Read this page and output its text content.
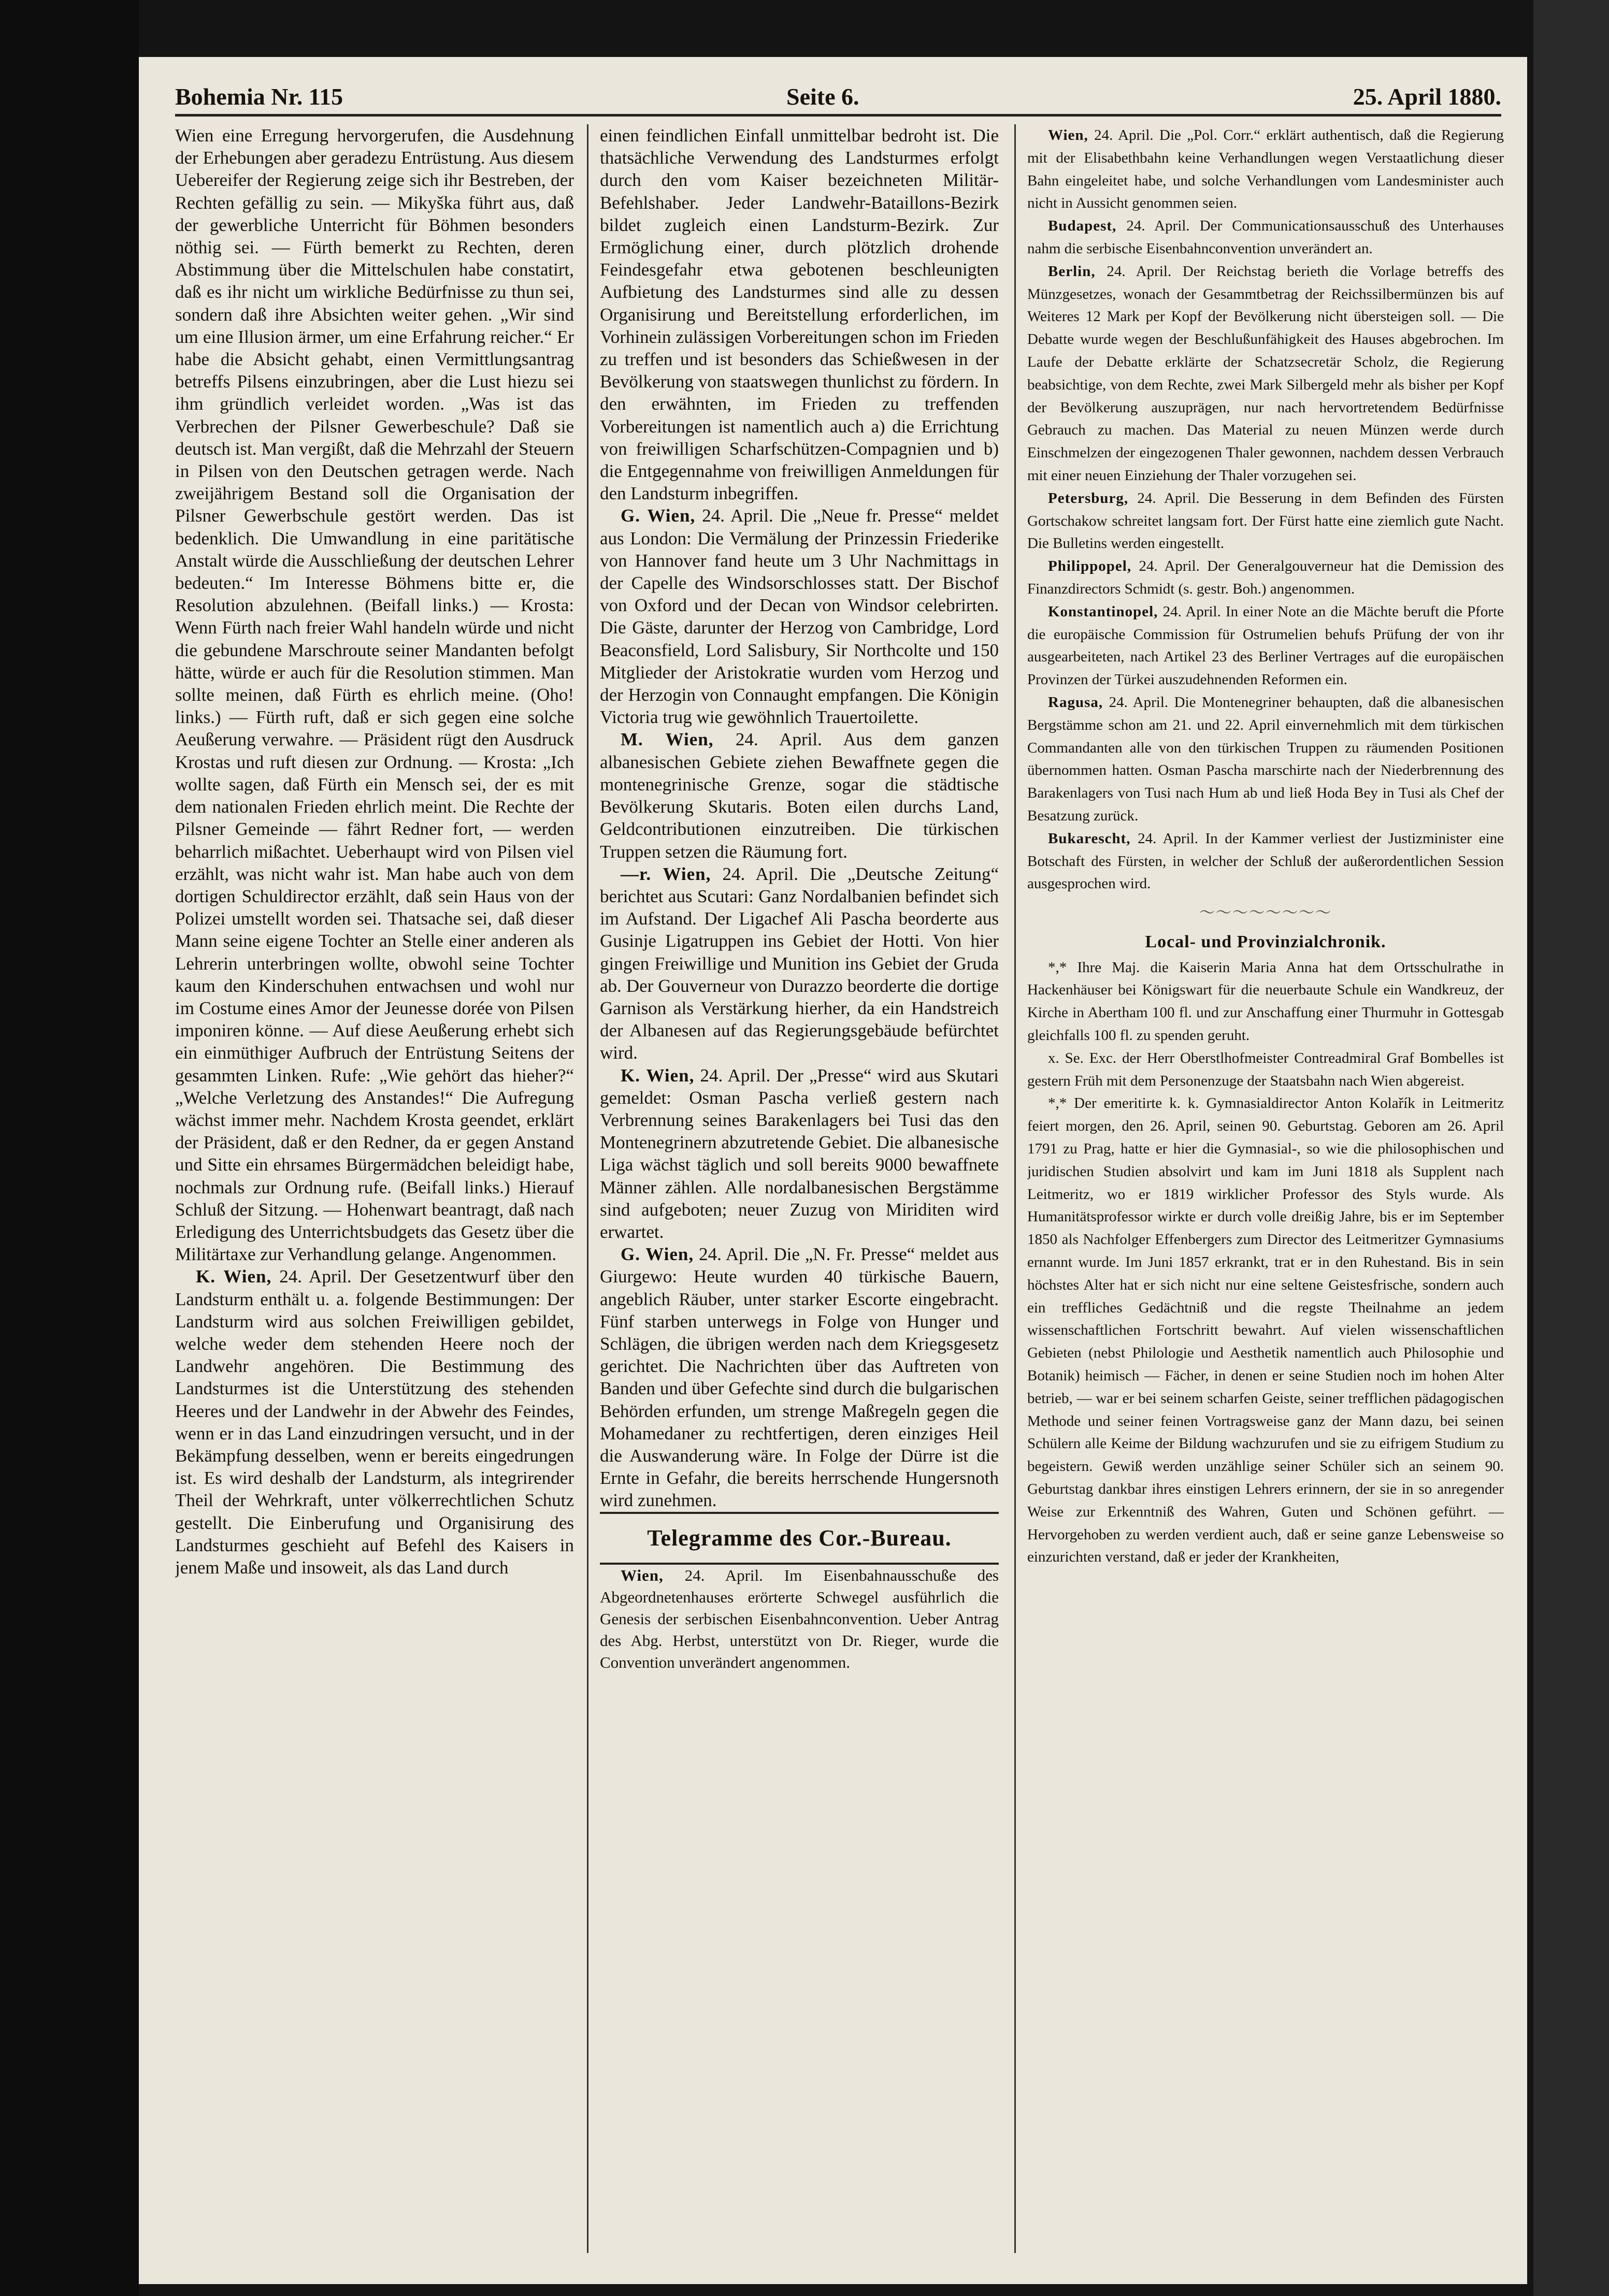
Bohemia Nr. 115	Seite 6.	25. April 1880.

Wien eine Erregung hervorgerufen, die Ausdehnung der Erhebungen aber geradezu Entrüstung. Aus diesem Uebereifer der Regierung zeige sich ihr Bestreben, der Rechten gefällig zu sein. — Mikyška führt aus, daß der gewerbliche Unterricht für Böhmen besonders nöthig sei. — Fürth bemerkt zu Rechten, deren Abstimmung über die Mittelschulen habe constatirt, daß es ihr nicht um wirkliche Bedürfnisse zu thun sei, sondern daß ihre Absichten weiter gehen. „Wir sind um eine Illusion ärmer, um eine Erfahrung reicher.“ Er habe die Absicht gehabt, einen Vermittlungsantrag betreffs Pilsens einzubringen, aber die Lust hiezu sei ihm gründlich verleidet worden. „Was ist das Verbrechen der Pilsner Gewerbeschule? Daß sie deutsch ist. Man vergißt, daß die Mehrzahl der Steuern in Pilsen von den Deutschen getragen werde. Nach zweijährigem Bestand soll die Organisation der Pilsner Gewerbschule gestört werden. Das ist bedenklich. Die Umwandlung in eine paritätische Anstalt würde die Ausschließung der deutschen Lehrer bedeuten.“ Im Interesse Böhmens bitte er, die Resolution abzulehnen. (Beifall links.) — Krosta: Wenn Fürth nach freier Wahl handeln würde und nicht die gebundene Marschroute seiner Mandanten befolgt hätte, würde er auch für die Resolution stimmen. Man sollte meinen, daß Fürth es ehrlich meine. (Oho! links.) — Fürth ruft, daß er sich gegen eine solche Aeußerung verwahre. — Präsident rügt den Ausdruck Krostas und ruft diesen zur Ordnung. — Krosta: „Ich wollte sagen, daß Fürth ein Mensch sei, der es mit dem nationalen Frieden ehrlich meint. Die Rechte der Pilsner Gemeinde — fährt Redner fort, — werden beharrlich mißachtet. Ueberhaupt wird von Pilsen viel erzählt, was nicht wahr ist. Man habe auch von dem dortigen Schuldirector erzählt, daß sein Haus von der Polizei umstellt worden sei. Thatsache sei, daß dieser Mann seine eigene Tochter an Stelle einer anderen als Lehrerin unterbringen wollte, obwohl seine Tochter kaum den Kinderschuhen entwachsen und wohl nur im Costume eines Amor der Jeunesse dorée von Pilsen imponiren könne. — Auf diese Aeußerung erhebt sich ein einmüthiger Aufbruch der Entrüstung Seitens der gesammten Linken. Rufe: „Wie gehört das hieher?“ „Welche Verletzung des Anstandes!“ Die Aufregung wächst immer mehr. Nachdem Krosta geendet, erklärt der Präsident, daß er den Redner, da er gegen Anstand und Sitte ein ehrsames Bürgermädchen beleidigt habe, nochmals zur Ordnung rufe. (Beifall links.) Hierauf Schluß der Sitzung. — Hohenwart beantragt, daß nach Erledigung des Unterrichtsbudgets das Gesetz über die Militärtaxe zur Verhandlung gelange. Angenommen.

K. Wien, 24. April. Der Gesetzentwurf über den Landsturm enthält u. a. folgende Bestimmungen: Der Landsturm wird aus solchen Freiwilligen gebildet, welche weder dem stehenden Heere noch der Landwehr angehören. Die Bestimmung des Landsturmes ist die Unterstützung des stehenden Heeres und der Landwehr in der Abwehr des Feindes, wenn er in das Land einzudringen versucht, und in der Bekämpfung desselben, wenn er bereits eingedrungen ist. Es wird deshalb der Landsturm, als integrirender Theil der Wehrkraft, unter völkerrechtlichen Schutz gestellt. Die Einberufung und Organisirung des Landsturmes geschieht auf Befehl des Kaisers in jenem Maße und insoweit, als das Land durch

einen feindlichen Einfall unmittelbar bedroht ist. Die thatsächliche Verwendung des Landsturmes erfolgt durch den vom Kaiser bezeichneten Militär-Befehlshaber. Jeder Landwehr-Bataillons-Bezirk bildet zugleich einen Landsturm-Bezirk. Zur Ermöglichung einer, durch plötzlich drohende Feindesgefahr etwa gebotenen beschleunigten Aufbietung des Landsturmes sind alle zu dessen Organisirung und Bereitstellung erforderlichen, im Vorhinein zulässigen Vorbereitungen schon im Frieden zu treffen und ist besonders das Schießwesen in der Bevölkerung von staatswegen thunlichst zu fördern. In den erwähnten, im Frieden zu treffenden Vorbereitungen ist namentlich auch a) die Errichtung von freiwilligen Scharfschützen-Compagnien und b) die Entgegennahme von freiwilligen Anmeldungen für den Landsturm inbegriffen.

G. Wien, 24. April. Die „Neue fr. Presse“ meldet aus London: Die Vermälung der Prinzessin Friederike von Hannover fand heute um 3 Uhr Nachmittags in der Capelle des Windsorschlosses statt. Der Bischof von Oxford und der Decan von Windsor celebrirten. Die Gäste, darunter der Herzog von Cambridge, Lord Beaconsfield, Lord Salisbury, Sir Northcolte und 150 Mitglieder der Aristokratie wurden vom Herzog und der Herzogin von Connaught empfangen. Die Königin Victoria trug wie gewöhnlich Trauertoilette.

M. Wien, 24. April. Aus dem ganzen albanesischen Gebiete ziehen Bewaffnete gegen die montenegrinische Grenze, sogar die städtische Bevölkerung Skutaris. Boten eilen durchs Land, Geldcontributionen einzutreiben. Die türkischen Truppen setzen die Räumung fort.

—r. Wien, 24. April. Die „Deutsche Zeitung“ berichtet aus Scutari: Ganz Nordalbanien befindet sich im Aufstand. Der Ligachef Ali Pascha beorderte aus Gusinje Ligatruppen ins Gebiet der Hotti. Von hier gingen Freiwillige und Munition ins Gebiet der Gruda ab. Der Gouverneur von Durazzo beorderte die dortige Garnison als Verstärkung hierher, da ein Handstreich der Albanesen auf das Regierungsgebäude befürchtet wird.

K. Wien, 24. April. Der „Presse“ wird aus Skutari gemeldet: Osman Pascha verließ gestern nach Verbrennung seines Barakenlagers bei Tusi das den Montenegrinern abzutretende Gebiet. Die albanesische Liga wächst täglich und soll bereits 9000 bewaffnete Männer zählen. Alle nordalbanesischen Bergstämme sind aufgeboten; neuer Zuzug von Miriditen wird erwartet.

G. Wien, 24. April. Die „N. Fr. Presse“ meldet aus Giurgewo: Heute wurden 40 türkische Bauern, angeblich Räuber, unter starker Escorte eingebracht. Fünf starben unterwegs in Folge von Hunger und Schlägen, die übrigen werden nach dem Kriegsgesetz gerichtet. Die Nachrichten über das Auftreten von Banden und über Gefechte sind durch die bulgarischen Behörden erfunden, um strenge Maßregeln gegen die Mohamedaner zu rechtfertigen, deren einziges Heil die Auswanderung wäre. In Folge der Dürre ist die Ernte in Gefahr, die bereits herrschende Hungersnoth wird zunehmen.

Telegramme des Cor.-Bureau.

Wien, 24. April. Im Eisenbahnausschuße des Abgeordnetenhauses erörterte Schwegel ausführlich die Genesis der serbischen Eisenbahnconvention. Ueber Antrag des Abg. Herbst, unterstützt von Dr. Rieger, wurde die Convention unverändert angenommen.

Wien, 24. April. Die „Pol. Corr.“ erklärt authentisch, daß die Regierung mit der Elisabethbahn keine Verhandlungen wegen Verstaatlichung dieser Bahn eingeleitet habe, und solche Verhandlungen vom Landesminister auch nicht in Aussicht genommen seien.

Budapest, 24. April. Der Communicationsausschuß des Unterhauses nahm die serbische Eisenbahnconvention unverändert an.

Berlin, 24. April. Der Reichstag berieth die Vorlage betreffs des Münzgesetzes, wonach der Gesammtbetrag der Reichssilbermünzen bis auf Weiteres 12 Mark per Kopf der Bevölkerung nicht übersteigen soll. — Die Debatte wurde wegen der Beschlußunfähigkeit des Hauses abgebrochen. Im Laufe der Debatte erklärte der Schatzsecretär Scholz, die Regierung beabsichtige, von dem Rechte, zwei Mark Silbergeld mehr als bisher per Kopf der Bevölkerung auszuprägen, nur nach hervortretendem Bedürfnisse Gebrauch zu machen. Das Material zu neuen Münzen werde durch Einschmelzen der eingezogenen Thaler gewonnen, nachdem dessen Verbrauch mit einer neuen Einziehung der Thaler vorzugehen sei.

Petersburg, 24. April. Die Besserung in dem Befinden des Fürsten Gortschakow schreitet langsam fort. Der Fürst hatte eine ziemlich gute Nacht. Die Bulletins werden eingestellt.

Philippopel, 24. April. Der Generalgouverneur hat die Demission des Finanzdirectors Schmidt (s. gestr. Boh.) angenommen.

Konstantinopel, 24. April. In einer Note an die Mächte beruft die Pforte die europäische Commission für Ostrumelien behufs Prüfung der von ihr ausgearbeiteten, nach Artikel 23 des Berliner Vertrages auf die europäischen Provinzen der Türkei auszudehnenden Reformen ein.

Ragusa, 24. April. Die Montenegriner behaupten, daß die albanesischen Bergstämme schon am 21. und 22. April einvernehmlich mit dem türkischen Commandanten alle von den türkischen Truppen zu räumenden Positionen übernommen hatten. Osman Pascha marschirte nach der Niederbrennung des Barakenlagers von Tusi nach Hum ab und ließ Hoda Bey in Tusi als Chef der Besatzung zurück.

Bukarescht, 24. April. In der Kammer verliest der Justizminister eine Botschaft des Fürsten, in welcher der Schluß der außerordentlichen Session ausgesprochen wird.

～～～～～～～～
Local- und Provinzialchronik.

*,* Ihre Maj. die Kaiserin Maria Anna hat dem Ortsschulrathe in Hackenhäuser bei Königswart für die neuerbaute Schule ein Wandkreuz, der Kirche in Abertham 100 fl. und zur Anschaffung einer Thurmuhr in Gottesgab gleichfalls 100 fl. zu spenden geruht.

x. Se. Exc. der Herr Oberstlhofmeister Contreadmiral Graf Bombelles ist gestern Früh mit dem Personenzuge der Staatsbahn nach Wien abgereist.

*,* Der emeritirte k. k. Gymnasialdirector Anton Kolařík in Leitmeritz feiert morgen, den 26. April, seinen 90. Geburtstag. Geboren am 26. April 1791 zu Prag, hatte er hier die Gymnasial-, so wie die philosophischen und juridischen Studien absolvirt und kam im Juni 1818 als Supplent nach Leitmeritz, wo er 1819 wirklicher Professor des Styls wurde. Als Humanitätsprofessor wirkte er durch volle dreißig Jahre, bis er im September 1850 als Nachfolger Effenbergers zum Director des Leitmeritzer Gymnasiums ernannt wurde. Im Juni 1857 erkrankt, trat er in den Ruhestand. Bis in sein höchstes Alter hat er sich nicht nur eine seltene Geistesfrische, sondern auch ein treffliches Gedächtniß und die regste Theilnahme an jedem wissenschaftlichen Fortschritt bewahrt. Auf vielen wissenschaftlichen Gebieten (nebst Philologie und Aesthetik namentlich auch Philosophie und Botanik) heimisch — Fächer, in denen er seine Studien noch im hohen Alter betrieb, — war er bei seinem scharfen Geiste, seiner trefflichen pädagogischen Methode und seiner feinen Vortragsweise ganz der Mann dazu, bei seinen Schülern alle Keime der Bildung wachzurufen und sie zu eifrigem Studium zu begeistern. Gewiß werden unzählige seiner Schüler sich an seinem 90. Geburtstag dankbar ihres einstigen Lehrers erinnern, der sie in so anregender Weise zur Erkenntniß des Wahren, Guten und Schönen geführt. — Hervorgehoben zu werden verdient auch, daß er seine ganze Lebensweise so einzurichten verstand, daß er jeder der Krankheiten,
